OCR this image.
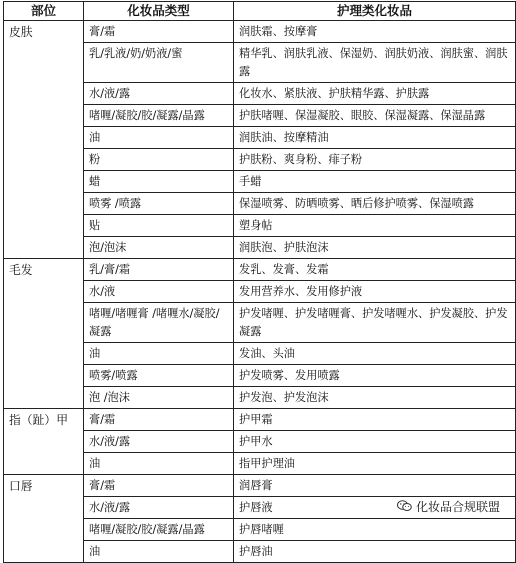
部位	化妆品类型	护理类化妆品
皮肤	膏/霜	润肤霜、按摩膏
	乳/乳液/奶/奶液/蜜	精华乳、润肤乳液、保湿奶、润肤奶液、润肤蜜、润肤露
	水/液/露	化妆水、紧肤液、护肤精华露、护肤露
	啫喱/凝胶/胶/凝露/晶露	护肤啫喱、保湿凝胶、眼胶、保湿凝露、保湿晶露
	油	润肤油、按摩精油
	粉	护肤粉、爽身粉、痱子粉
	蜡	手蜡
	喷雾 /喷露	保湿喷雾、防晒喷雾、晒后修护喷雾、保湿喷露
	贴	塑身帖
	泡/泡沫	润肤泡、护肤泡沫
毛发	乳/膏/霜	发乳、发膏、发霜
	水/液	发用营养水、发用修护液
	啫喱/啫喱膏 /啫喱水/凝胶/凝露	护发啫喱、护发啫喱膏、护发啫喱水、护发凝胶、护发凝露
	油	发油、头油
	喷雾/喷露	护发喷雾、发用喷露
	泡 /泡沫	护发泡、护发泡沫
指（趾）甲	膏/霜	护甲霜
	水/液/露	护甲水
	油	指甲护理油
口唇	膏/霜	润唇膏
	水/液/露	护唇液
	啫喱/凝胶/胶/凝露/晶露	护唇啫喱
	油	护唇油
化妆品合规联盟
